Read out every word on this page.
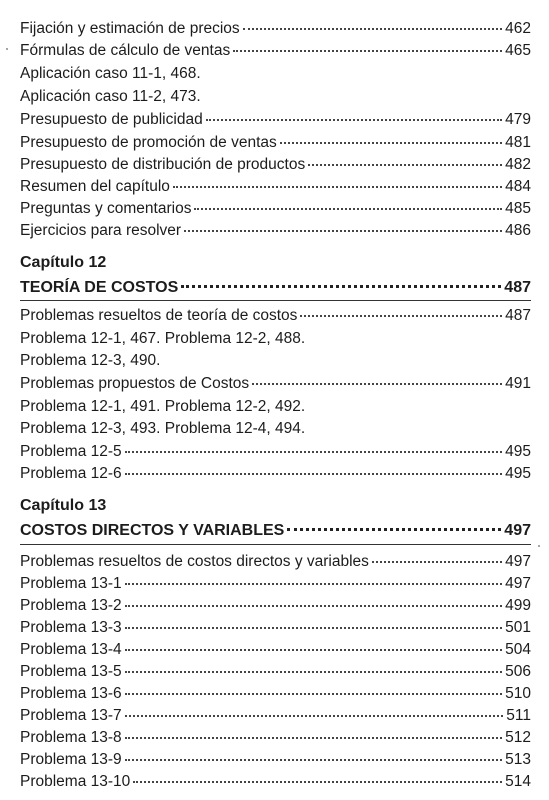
Fijación y estimación de precios	462
Fórmulas de cálculo de ventas	465
Aplicación caso 11-1, 468.
Aplicación caso 11-2, 473.
Presupuesto de publicidad	479
Presupuesto de promoción de ventas	481
Presupuesto de distribución de productos	482
Resumen del capítulo	484
Preguntas y comentarios	485
Ejercicios para resolver	486
Capítulo 12
TEORÍA DE COSTOS	487
Problemas resueltos de teoría de costos	487
Problema 12-1, 467. Problema 12-2, 488.
Problema 12-3, 490.
Problemas propuestos de Costos	491
Problema 12-1, 491. Problema 12-2, 492.
Problema 12-3, 493. Problema 12-4, 494.
Problema 12-5	495
Problema 12-6	495
Capítulo 13
COSTOS DIRECTOS Y VARIABLES	497
Problemas resueltos de costos directos y variables	497
Problema 13-1	497
Problema 13-2	499
Problema 13-3	501
Problema 13-4	504
Problema 13-5	506
Problema 13-6	510
Problema 13-7	511
Problema 13-8	512
Problema 13-9	513
Problema 13-10	514
